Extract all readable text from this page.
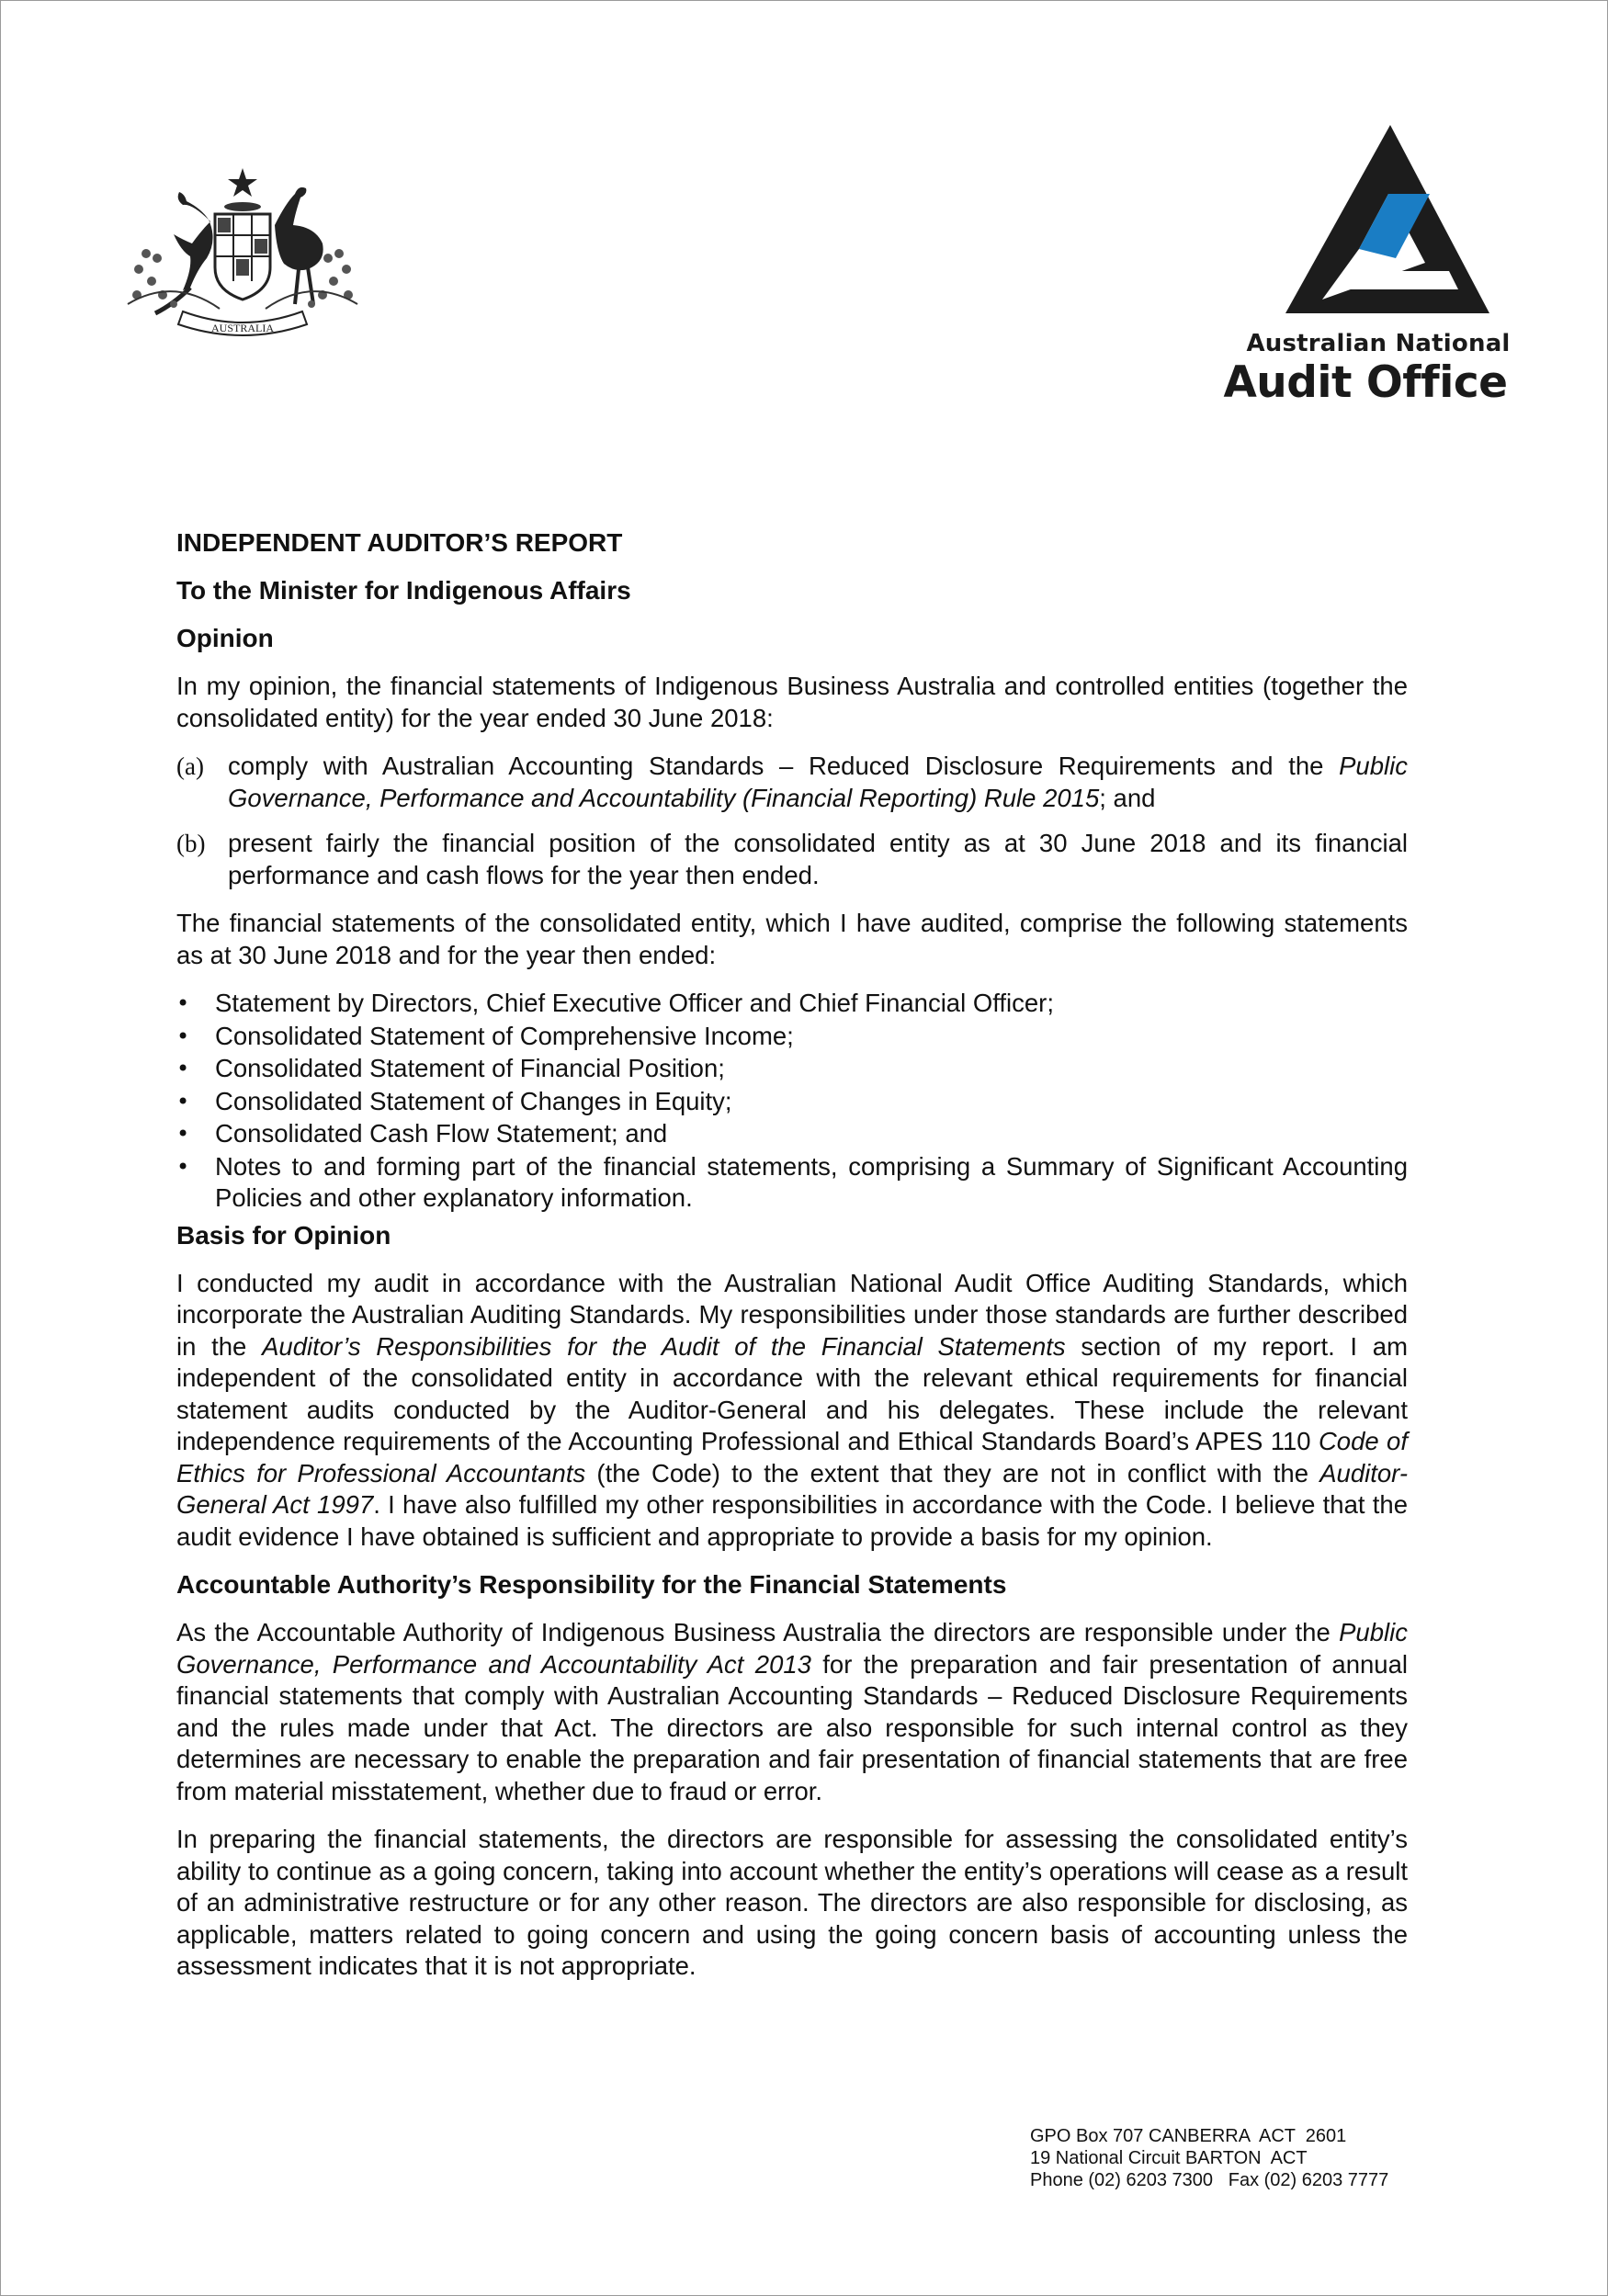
AUSTRALIA
Australian National
Audit Office
INDEPENDENT AUDITOR’S REPORT
To the Minister for Indigenous Affairs
Opinion

In my opinion, the financial statements of Indigenous Business Australia and controlled entities (together the consolidated entity) for the year ended 30 June 2018:

(a) comply with Australian Accounting Standards – Reduced Disclosure Requirements and the Public Governance, Performance and Accountability (Financial Reporting) Rule 2015; and
(b) present fairly the financial position of the consolidated entity as at 30 June 2018 and its financial performance and cash flows for the year then ended.

The financial statements of the consolidated entity, which I have audited, comprise the following statements as at 30 June 2018 and for the year then ended:

• Statement by Directors, Chief Executive Officer and Chief Financial Officer;
• Consolidated Statement of Comprehensive Income;
• Consolidated Statement of Financial Position;
• Consolidated Statement of Changes in Equity;
• Consolidated Cash Flow Statement; and
• Notes to and forming part of the financial statements, comprising a Summary of Significant Accounting Policies and other explanatory information.
Basis for Opinion

I conducted my audit in accordance with the Australian National Audit Office Auditing Standards, which incorporate the Australian Auditing Standards. My responsibilities under those standards are further described in the Auditor’s Responsibilities for the Audit of the Financial Statements section of my report. I am independent of the consolidated entity in accordance with the relevant ethical requirements for financial statement audits conducted by the Auditor-General and his delegates. These include the relevant independence requirements of the Accounting Professional and Ethical Standards Board’s APES 110 Code of Ethics for Professional Accountants (the Code) to the extent that they are not in conflict with the Auditor-General Act 1997. I have also fulfilled my other responsibilities in accordance with the Code. I believe that the audit evidence I have obtained is sufficient and appropriate to provide a basis for my opinion.

Accountable Authority’s Responsibility for the Financial Statements

As the Accountable Authority of Indigenous Business Australia the directors are responsible under the Public Governance, Performance and Accountability Act 2013 for the preparation and fair presentation of annual financial statements that comply with Australian Accounting Standards – Reduced Disclosure Requirements and the rules made under that Act. The directors are also responsible for such internal control as they determines are necessary to enable the preparation and fair presentation of financial statements that are free from material misstatement, whether due to fraud or error.

In preparing the financial statements, the directors are responsible for assessing the consolidated entity’s ability to continue as a going concern, taking into account whether the entity’s operations will cease as a result of an administrative restructure or for any other reason. The directors are also responsible for disclosing, as applicable, matters related to going concern and using the going concern basis of accounting unless the assessment indicates that it is not appropriate.

GPO Box 707 CANBERRA  ACT  2601
19 National Circuit BARTON  ACT
Phone (02) 6203 7300   Fax (02) 6203 7777
